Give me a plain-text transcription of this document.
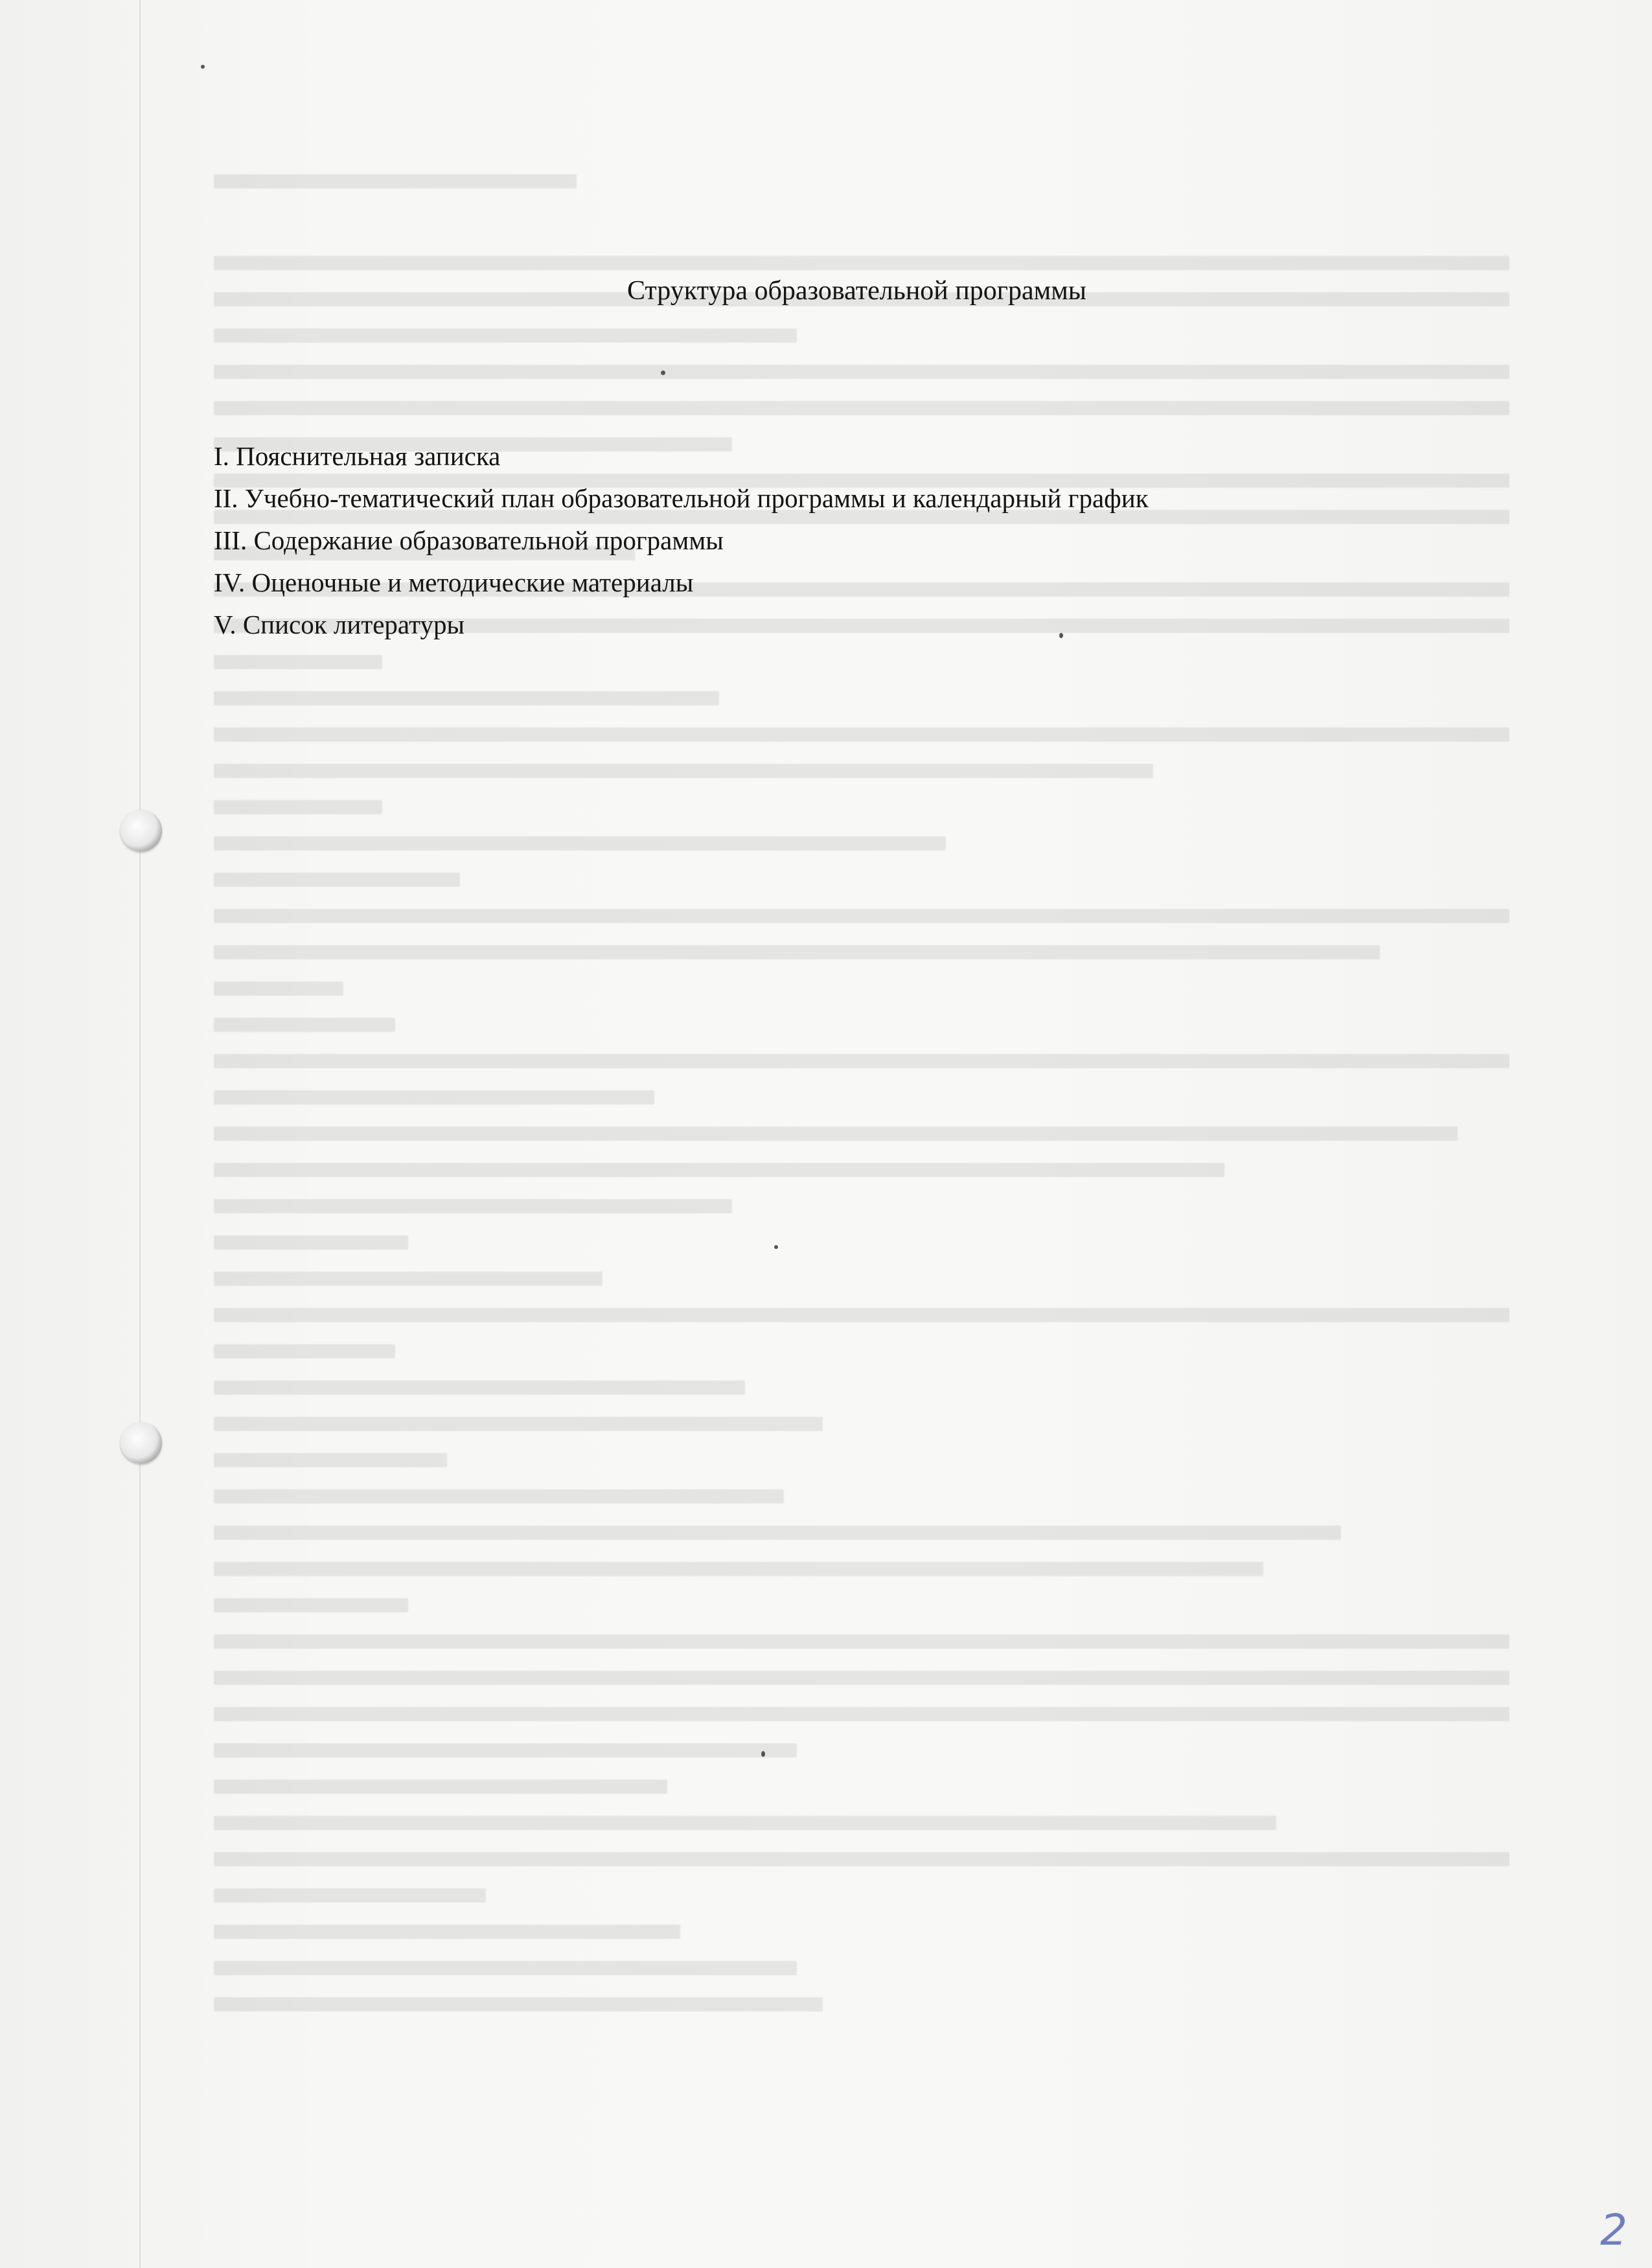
Структура образовательной программы
I. Пояснительная записка
II. Учебно-тематический план образовательной программы и календарный график
III. Содержание образовательной программы
IV. Оценочные и методические материалы
V. Список литературы
2
